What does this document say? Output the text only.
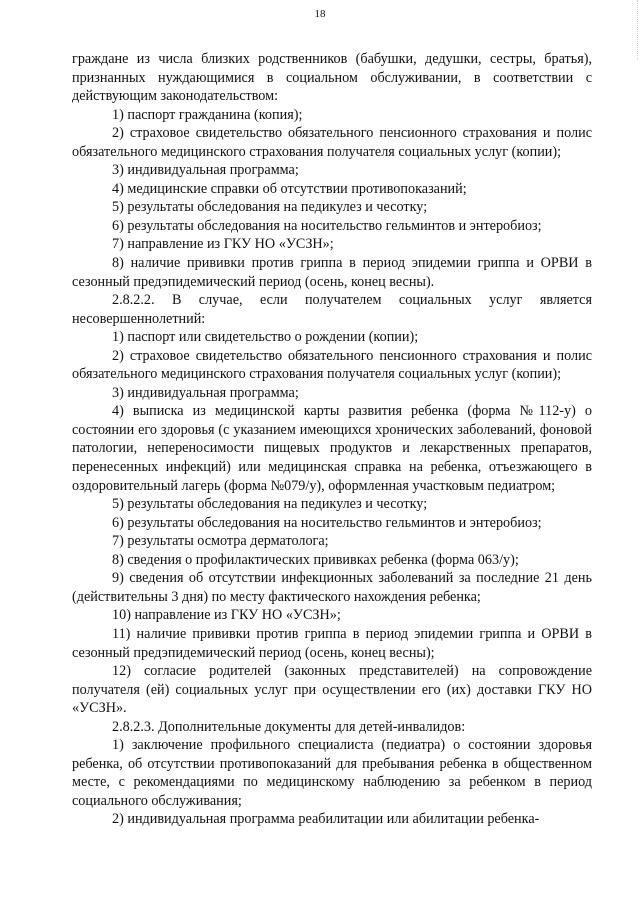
18

граждане из числа близких родственников (бабушки, дедушки, сестры, братья), признанных нуждающимися в социальном обслуживании, в соответствии с действующим законодательством:

1) паспорт гражданина (копия);

2) страховое свидетельство обязательного пенсионного страхования и полис обязательного медицинского страхования получателя социальных услуг (копии);

3) индивидуальная программа;

4) медицинские справки об отсутствии противопоказаний;

5) результаты обследования на педикулез и чесотку;

6) результаты обследования на носительство гельминтов и энтеробиоз;

7) направление из ГКУ НО «УСЗН»;

8) наличие прививки против гриппа в период эпидемии гриппа и ОРВИ в сезонный предэпидемический период (осень, конец весны).

2.8.2.2. В случае, если получателем социальных услуг является несовершеннолетний:

1) паспорт или свидетельство о рождении (копии);

2) страховое свидетельство обязательного пенсионного страхования и полис обязательного медицинского страхования получателя социальных услуг (копии);

3) индивидуальная программа;

4) выписка из медицинской карты развития ребенка (форма №112-у) о состоянии его здоровья (с указанием имеющихся хронических заболеваний, фоновой патологии, непереносимости пищевых продуктов и лекарственных препаратов, перенесенных инфекций) или медицинская справка на ребенка, отъезжающего в оздоровительный лагерь (форма №079/у), оформленная участковым педиатром;

5) результаты обследования на педикулез и чесотку;

6) результаты обследования на носительство гельминтов и энтеробиоз;

7) результаты осмотра дерматолога;

8) сведения о профилактических прививках ребенка (форма 063/у);

9) сведения об отсутствии инфекционных заболеваний за последние 21 день (действительны 3 дня) по месту фактического нахождения ребенка;

10) направление из ГКУ НО «УСЗН»;

11) наличие прививки против гриппа в период эпидемии гриппа и ОРВИ в сезонный предэпидемический период (осень, конец весны);

12) согласие родителей (законных представителей) на сопровождение получателя (ей) социальных услуг при осуществлении его (их) доставки ГКУ НО «УСЗН».

2.8.2.3. Дополнительные документы для детей-инвалидов:

1) заключение профильного специалиста (педиатра) о состоянии здоровья ребенка, об отсутствии противопоказаний для пребывания ребенка в общественном месте, с рекомендациями по медицинскому наблюдению за ребенком в период социального обслуживания;

2) индивидуальная программа реабилитации или абилитации ребенка-
